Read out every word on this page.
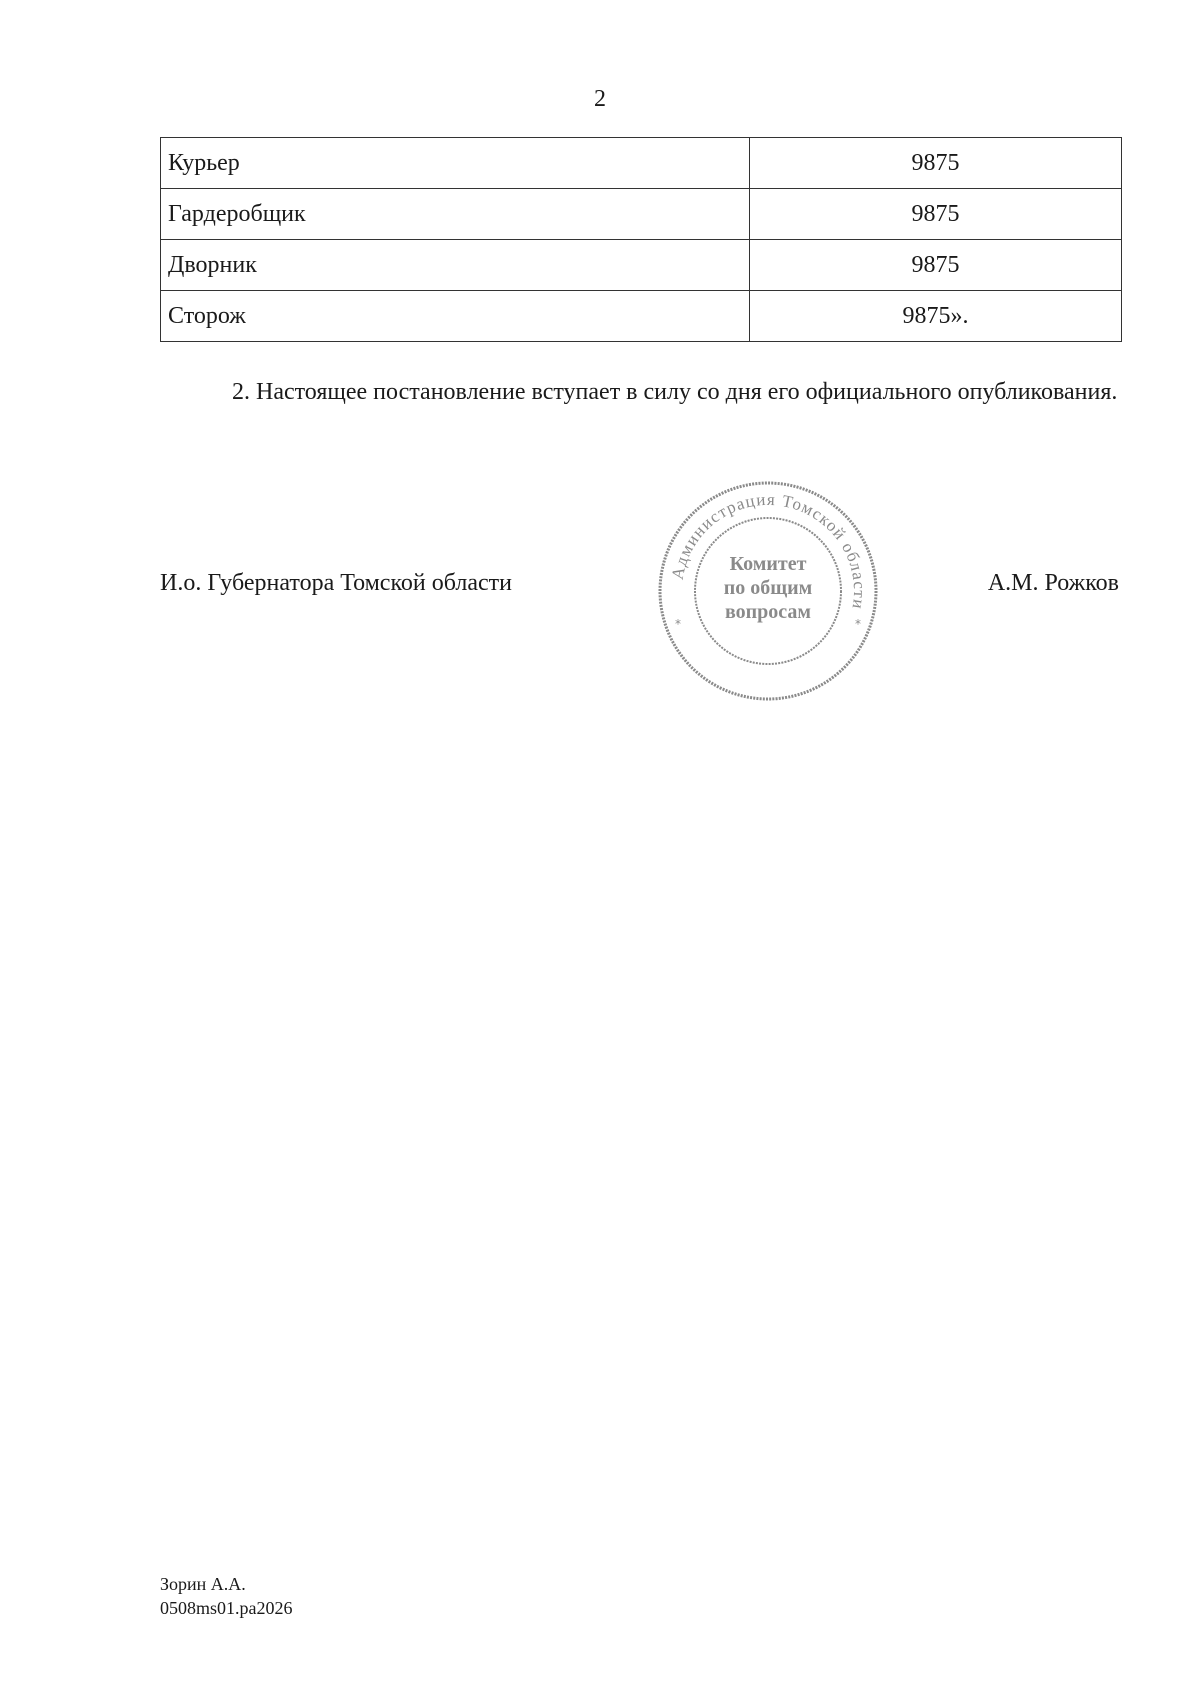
2
Курьер	9875
Гардеробщик	9875
Дворник	9875
Сторож	9875».

2. Настоящее постановление вступает в силу со дня его официального опубликования.

И.о. Губернатора Томской области	Администрация Томской области
*	*
Комитет
по общим
вопросам
А.М. Рожков
Зорин А.А.
0508ms01.pa2026
